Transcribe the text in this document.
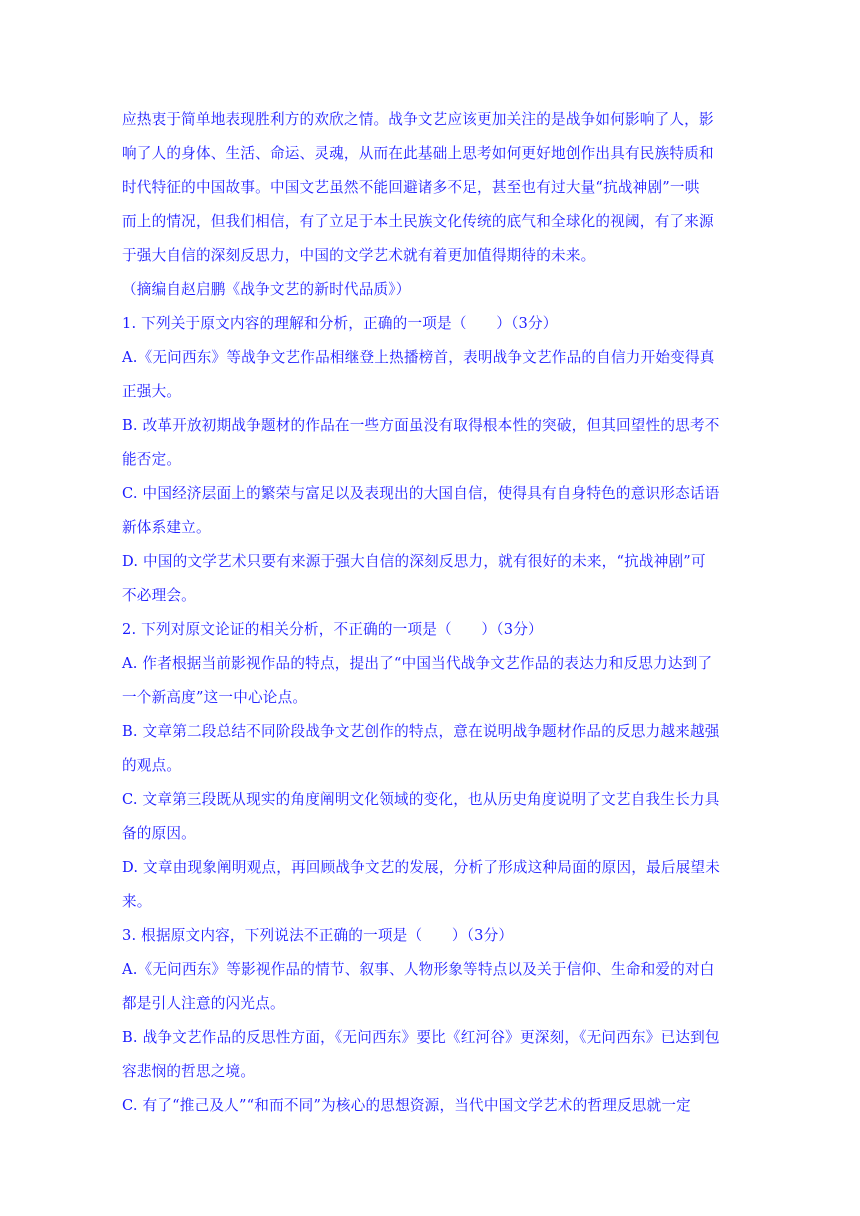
应热衷于简单地表现胜利方的欢欣之情。战争文艺应该更加关注的是战争如何影响了人，影
响了人的身体、生活、命运、灵魂，从而在此基础上思考如何更好地创作出具有民族特质和
时代特征的中国故事。中国文艺虽然不能回避诸多不足，甚至也有过大量“抗战神剧”一哄
而上的情况，但我们相信，有了立足于本土民族文化传统的底气和全球化的视阈，有了来源
于强大自信的深刻反思力，中国的文学艺术就有着更加值得期待的未来。
（摘编自赵启鹏《战争文艺的新时代品质》）
1. 下列关于原文内容的理解和分析，正确的一项是（　　）（3分）
A.《无问西东》等战争文艺作品相继登上热播榜首，表明战争文艺作品的自信力开始变得真
正强大。
B. 改革开放初期战争题材的作品在一些方面虽没有取得根本性的突破，但其回望性的思考不
能否定。
C. 中国经济层面上的繁荣与富足以及表现出的大国自信，使得具有自身特色的意识形态话语
新体系建立。
D. 中国的文学艺术只要有来源于强大自信的深刻反思力，就有很好的未来，“抗战神剧”可
不必理会。
2. 下列对原文论证的相关分析，不正确的一项是（　　）（3分）
A. 作者根据当前影视作品的特点，提出了“中国当代战争文艺作品的表达力和反思力达到了
一个新高度”这一中心论点。
B. 文章第二段总结不同阶段战争文艺创作的特点，意在说明战争题材作品的反思力越来越强
的观点。
C. 文章第三段既从现实的角度阐明文化领域的变化，也从历史角度说明了文艺自我生长力具
备的原因。
D. 文章由现象阐明观点，再回顾战争文艺的发展，分析了形成这种局面的原因，最后展望未
来。
3. 根据原文内容，下列说法不正确的一项是（　　）（3分）
A.《无问西东》等影视作品的情节、叙事、人物形象等特点以及关于信仰、生命和爱的对白
都是引人注意的闪光点。
B. 战争文艺作品的反思性方面，《无问西东》要比《红河谷》更深刻，《无问西东》已达到包
容悲悯的哲思之境。
C. 有了“推己及人”“和而不同”为核心的思想资源，当代中国文学艺术的哲理反思就一定
